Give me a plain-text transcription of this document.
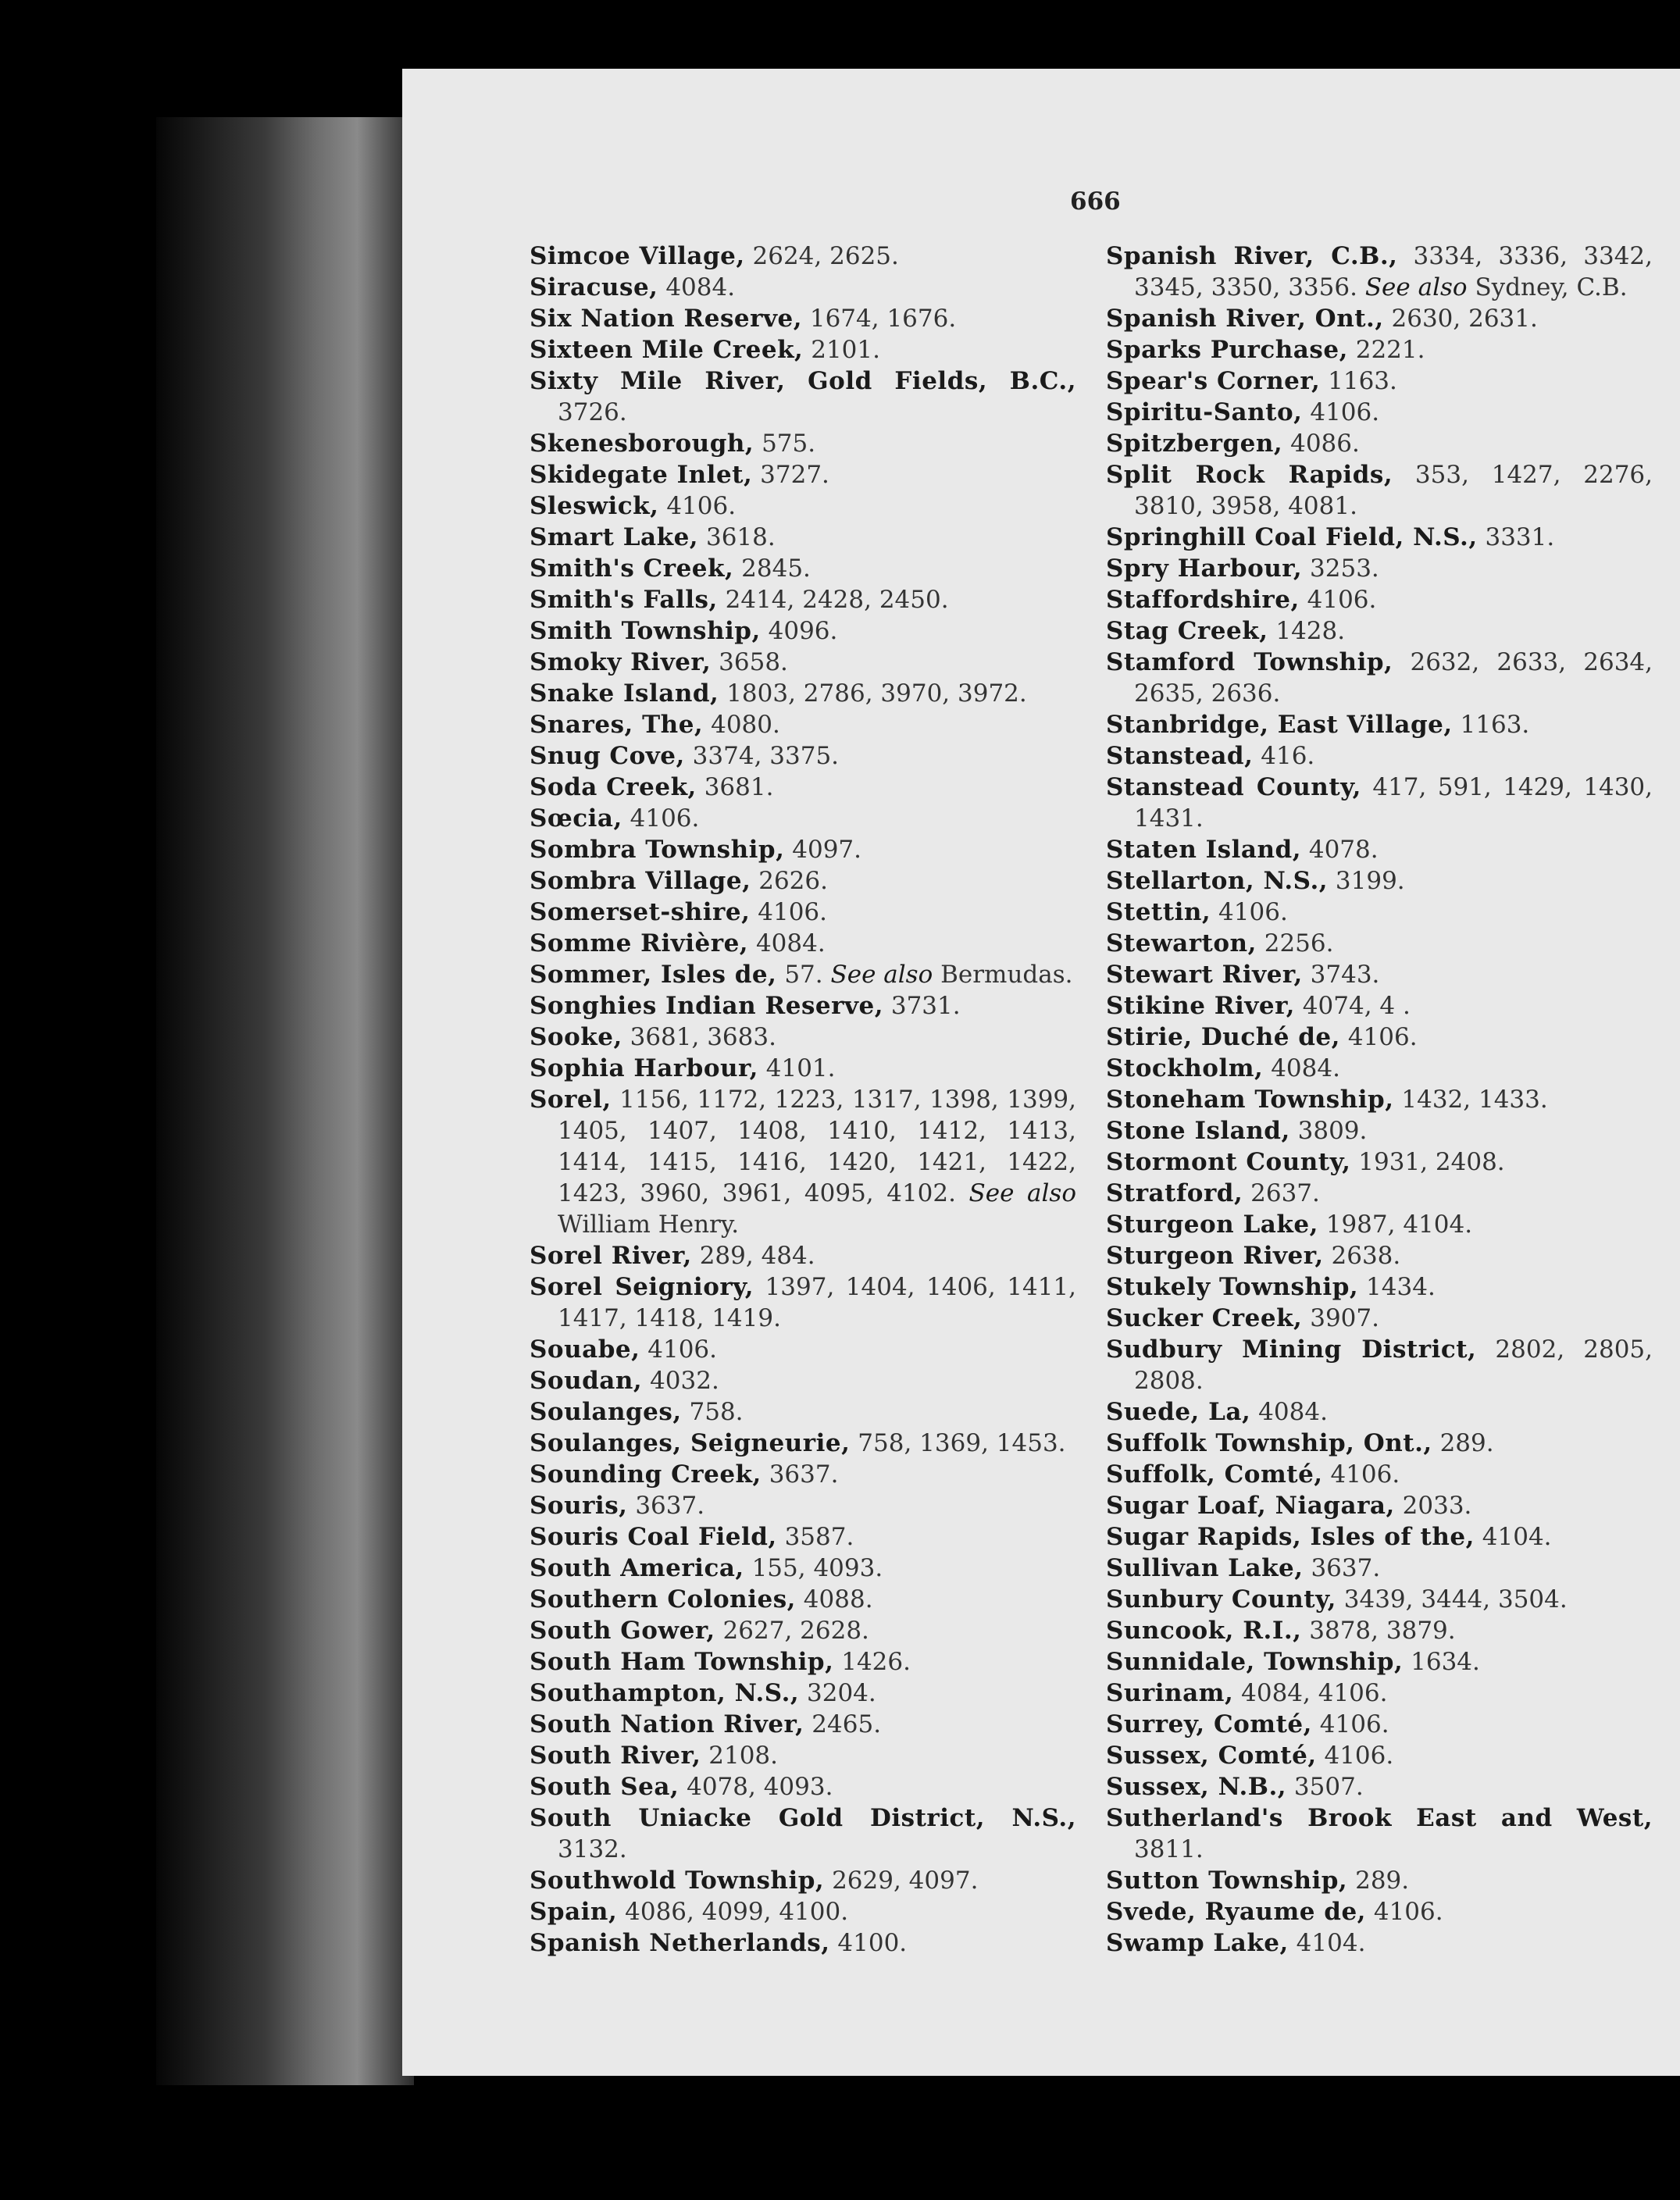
666
Simcoe Village, 2624, 2625.
Siracuse, 4084.
Six Nation Reserve, 1674, 1676.
Sixteen Mile Creek, 2101.
Sixty Mile River, Gold Fields, B.C., 3726.
Skenesborough, 575.
Skidegate Inlet, 3727.
Sleswick, 4106.
Smart Lake, 3618.
Smith's Creek, 2845.
Smith's Falls, 2414, 2428, 2450.
Smith Township, 4096.
Smoky River, 3658.
Snake Island, 1803, 2786, 3970, 3972.
Snares, The, 4080.
Snug Cove, 3374, 3375.
Soda Creek, 3681.
Sœcia, 4106.
Sombra Township, 4097.
Sombra Village, 2626.
Somerset-shire, 4106.
Somme Rivière, 4084.
Sommer, Isles de, 57. See also Bermudas.
Songhies Indian Reserve, 3731.
Sooke, 3681, 3683.
Sophia Harbour, 4101.
Sorel, 1156, 1172, 1223, 1317, 1398, 1399, 1405, 1407, 1408, 1410, 1412, 1413, 1414, 1415, 1416, 1420, 1421, 1422, 1423, 3960, 3961, 4095, 4102. See also William Henry.
Sorel River, 289, 484.
Sorel Seigniory, 1397, 1404, 1406, 1411, 1417, 1418, 1419.
Souabe, 4106.
Soudan, 4032.
Soulanges, 758.
Soulanges, Seigneurie, 758, 1369, 1453.
Sounding Creek, 3637.
Souris, 3637.
Souris Coal Field, 3587.
South America, 155, 4093.
Southern Colonies, 4088.
South Gower, 2627, 2628.
South Ham Township, 1426.
Southampton, N.S., 3204.
South Nation River, 2465.
South River, 2108.
South Sea, 4078, 4093.
South Uniacke Gold District, N.S., 3132.
Southwold Township, 2629, 4097.
Spain, 4086, 4099, 4100.
Spanish Netherlands, 4100.
Spanish River, C.B., 3334, 3336, 3342, 3345, 3350, 3356. See also Sydney, C.B.
Spanish River, Ont., 2630, 2631.
Sparks Purchase, 2221.
Spear's Corner, 1163.
Spiritu-Santo, 4106.
Spitzbergen, 4086.
Split Rock Rapids, 353, 1427, 2276, 3810, 3958, 4081.
Springhill Coal Field, N.S., 3331.
Spry Harbour, 3253.
Staffordshire, 4106.
Stag Creek, 1428.
Stamford Township, 2632, 2633, 2634, 2635, 2636.
Stanbridge, East Village, 1163.
Stanstead, 416.
Stanstead County, 417, 591, 1429, 1430, 1431.
Staten Island, 4078.
Stellarton, N.S., 3199.
Stettin, 4106.
Stewarton, 2256.
Stewart River, 3743.
Stikine River, 4074, 4 .
Stirie, Duché de, 4106.
Stockholm, 4084.
Stoneham Township, 1432, 1433.
Stone Island, 3809.
Stormont County, 1931, 2408.
Stratford, 2637.
Sturgeon Lake, 1987, 4104.
Sturgeon River, 2638.
Stukely Township, 1434.
Sucker Creek, 3907.
Sudbury Mining District, 2802, 2805, 2808.
Suede, La, 4084.
Suffolk Township, Ont., 289.
Suffolk, Comté, 4106.
Sugar Loaf, Niagara, 2033.
Sugar Rapids, Isles of the, 4104.
Sullivan Lake, 3637.
Sunbury County, 3439, 3444, 3504.
Suncook, R.I., 3878, 3879.
Sunnidale, Township, 1634.
Surinam, 4084, 4106.
Surrey, Comté, 4106.
Sussex, Comté, 4106.
Sussex, N.B., 3507.
Sutherland's Brook East and West, 3811.
Sutton Township, 289.
Svede, Ryaume de, 4106.
Swamp Lake, 4104.
